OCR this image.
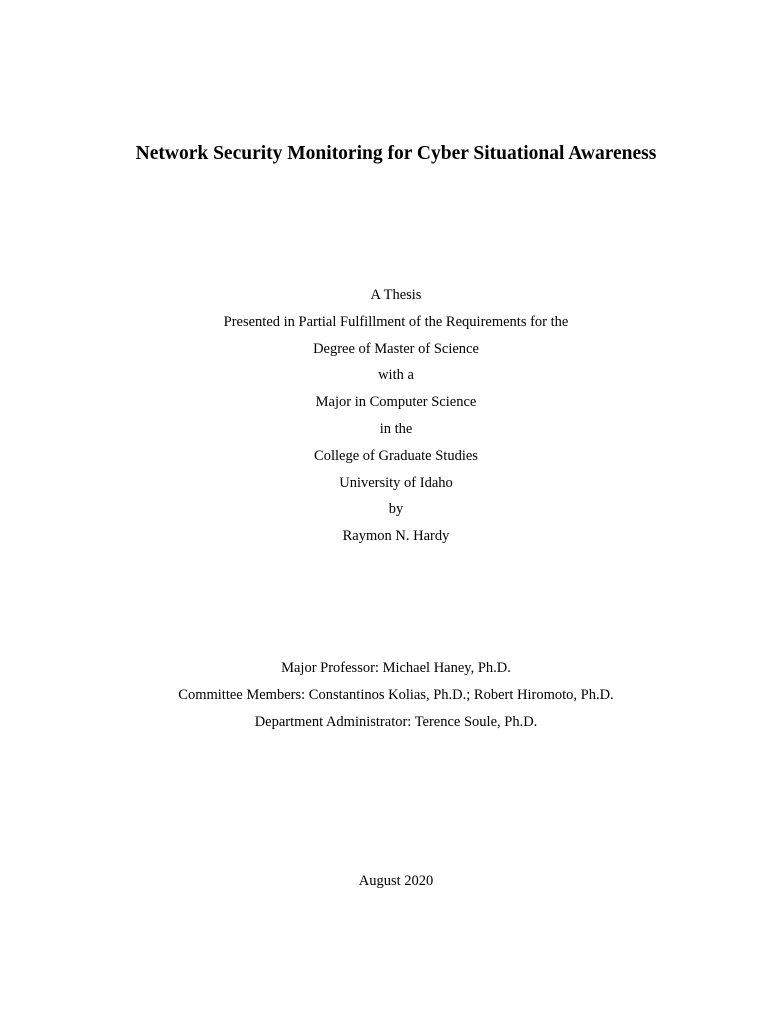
Network Security Monitoring for Cyber Situational Awareness
A Thesis
Presented in Partial Fulfillment of the Requirements for the
Degree of Master of Science
with a
Major in Computer Science
in the
College of Graduate Studies
University of Idaho
by
Raymon N. Hardy
Major Professor: Michael Haney, Ph.D.
Committee Members: Constantinos Kolias, Ph.D.; Robert Hiromoto, Ph.D.
Department Administrator: Terence Soule, Ph.D.
August 2020
